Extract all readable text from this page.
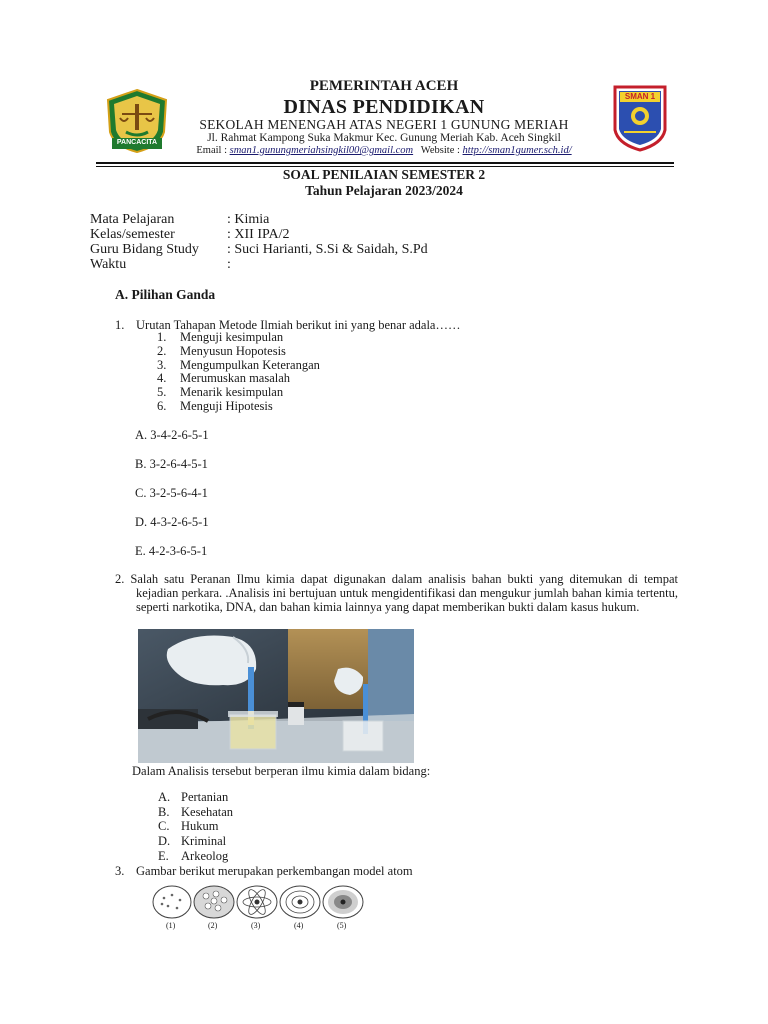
PANCACITA
SMAN 1
PEMERINTAH ACEH
DINAS PENDIDIKAN
SEKOLAH MENENGAH ATAS NEGERI 1 GUNUNG MERIAH
Jl. Rahmat Kampong Suka Makmur Kec. Gunung Meriah Kab. Aceh Singkil
Email : sman1.gunungmeriahsingkil00@gmail.com Website : http://sman1gumer.sch.id/
SOAL PENILAIAN SEMESTER 2
Tahun Pelajaran 2023/2024
Mata Pelajaran	: Kimia
Kelas/semester	: XII IPA/2
Guru Bidang Study : Suci Harianti, S.Si & Saidah, S.Pd
Waktu	:
A. Pilihan Ganda
1. Urutan Tahapan Metode Ilmiah berikut ini yang benar adala……
1. Menguji kesimpulan
2. Menyusun Hopotesis
3. Mengumpulkan Keterangan
4. Merumuskan masalah
5. Menarik kesimpulan
6. Menguji Hipotesis
A. 3-4-2-6-5-1
B. 3-2-6-4-5-1
C. 3-2-5-6-4-1
D. 4-3-2-6-5-1
E. 4-2-3-6-5-1

2. Salah satu Peranan Ilmu kimia dapat digunakan dalam analisis bahan bukti yang ditemukan di tempat kejadian perkara. .Analisis ini bertujuan untuk mengidentifikasi dan mengukur jumlah bahan kimia tertentu, seperti narkotika, DNA, dan bahan kimia lainnya yang dapat memberikan bukti dalam kasus hukum.

Dalam Analisis tersebut berperan ilmu kimia dalam bidang:
A. Pertanian
B. Kesehatan
C. Hukum
D. Kriminal
E. Arkeolog
3. Gambar berikut merupakan perkembangan model atom
(1)	(2)	(3)	(4)	(5)
